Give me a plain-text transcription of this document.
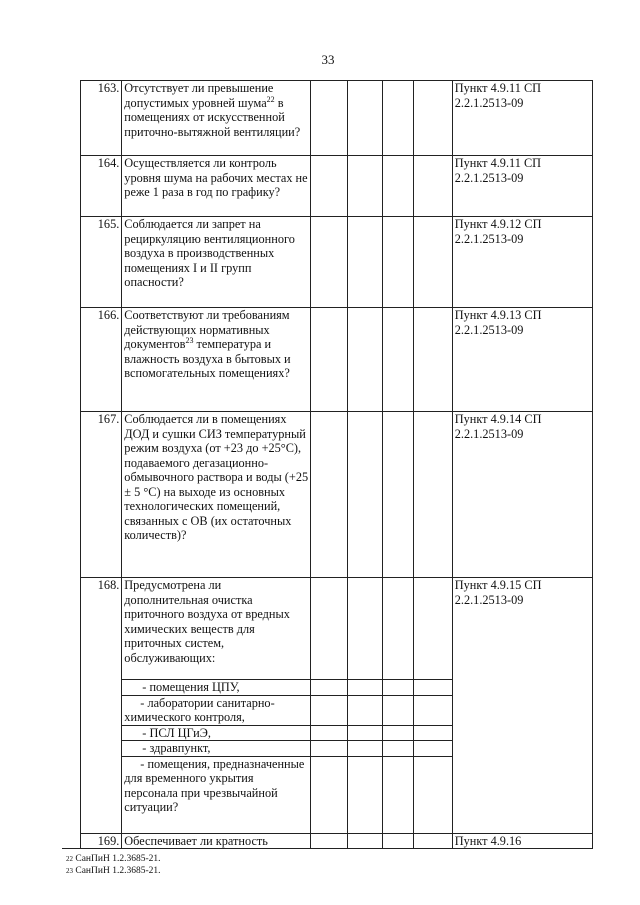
33
163.	Отсутствует ли превышение допустимых уровней шума$^{22}$ в помещениях от искусственной приточно-вытяжной вентиляции?					Пункт 4.9.11 СП 2.2.1.2513-09
164.	Осуществляется ли контроль уровня шума на рабочих местах не реже 1 раза в год по графику?					Пункт 4.9.11 СП 2.2.1.2513-09
165.	Соблюдается ли запрет на рециркуляцию вентиляционного воздуха в производственных помещениях I и II групп опасности?					Пункт 4.9.12 СП 2.2.1.2513-09
166.	Соответствуют ли требованиям действующих нормативных документов$^{23}$ температура и влажность воздуха в бытовых и вспомогательных помещениях?					Пункт 4.9.13 СП 2.2.1.2513-09
167.	Соблюдается ли в помещениях ДОД и сушки СИЗ температурный режим воздуха (от +23 до +25°С), подаваемого дегазационно-обмывочного раствора и воды (+25 ± 5 °С) на выходе из основных технологических помещений, связанных с ОВ (их остаточных количеств)?					Пункт 4.9.14 СП 2.2.1.2513-09
168.	Предусмотрена ли дополнительная очистка приточного воздуха от вредных химических веществ для приточных систем, обслуживающих:					Пункт 4.9.15 СП 2.2.1.2513-09
	- помещения ЦПУ,					
	- лаборатории санитарно-химического контроля,					
	- ПСЛ ЦГиЭ,					
	- здравпункт,					
	- помещения, предназначенные для временного укрытия персонала при чрезвычайной ситуации?					
169.	Обеспечивает ли кратность					Пункт 4.9.16
$^{22}$ СанПиН 1.2.3685-21.
$^{23}$ СанПиН 1.2.3685-21.
